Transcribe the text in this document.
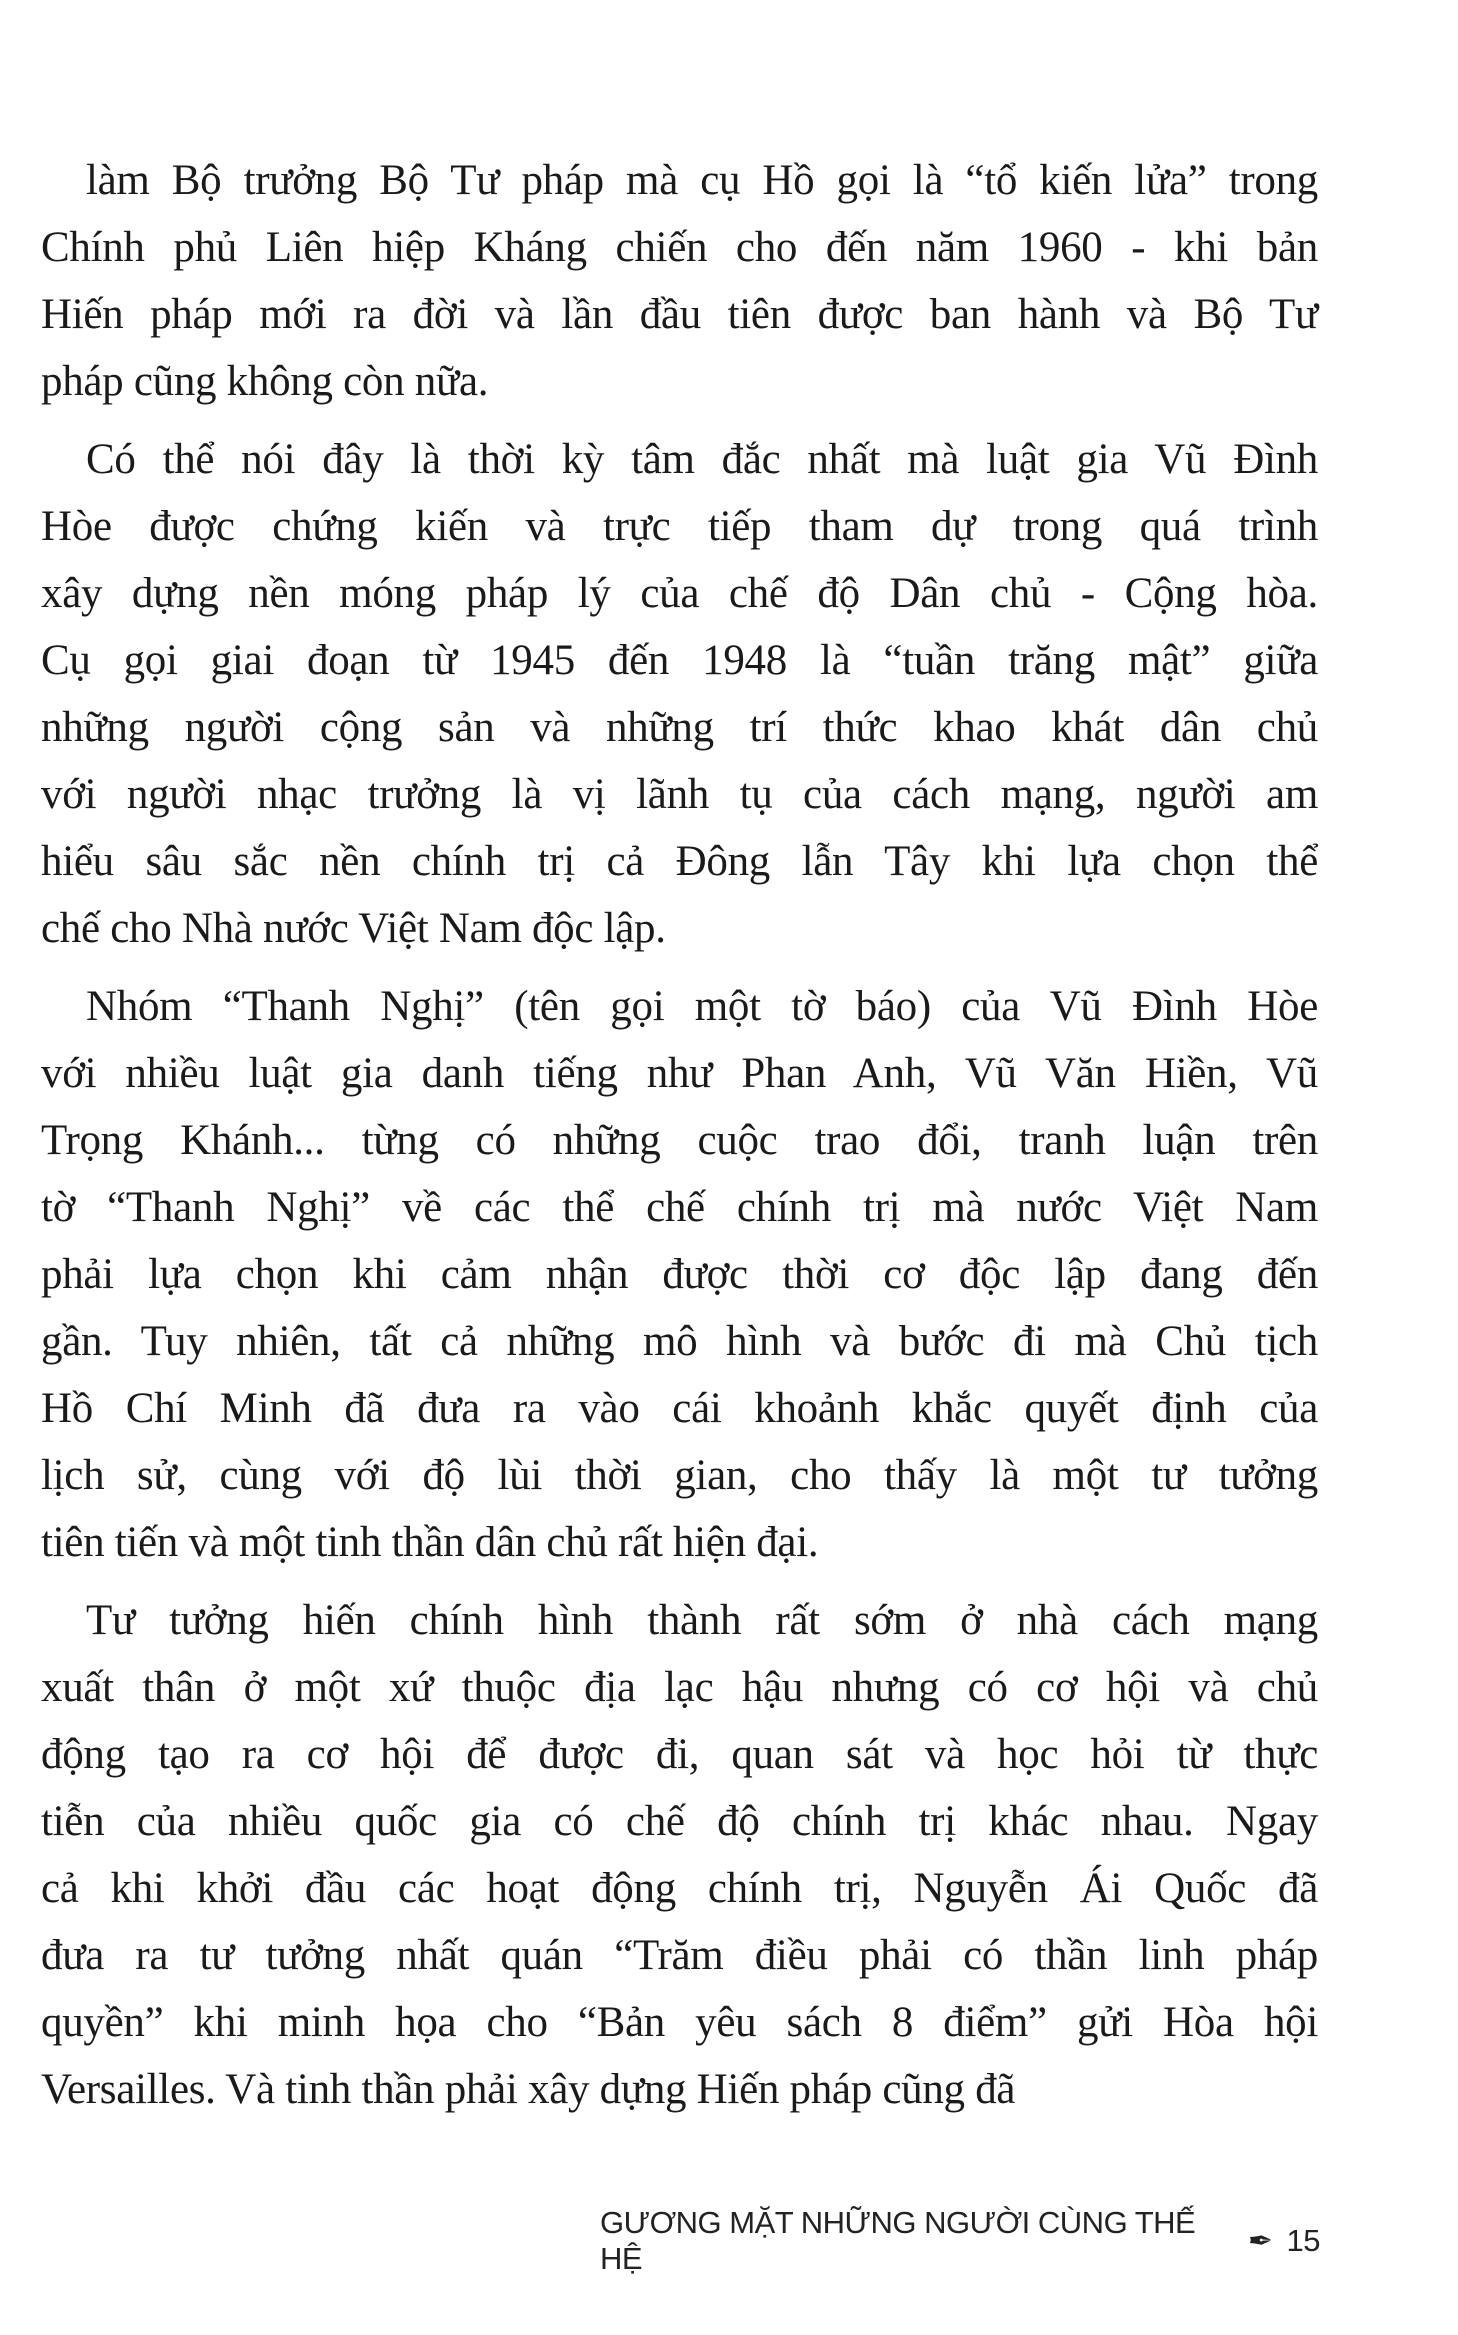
làm Bộ trưởng Bộ Tư pháp mà cụ Hồ gọi là “tổ kiến lửa” trong
Chính phủ Liên hiệp Kháng chiến cho đến năm 1960 - khi bản
Hiến pháp mới ra đời và lần đầu tiên được ban hành và Bộ Tư
pháp cũng không còn nữa.
Có thể nói đây là thời kỳ tâm đắc nhất mà luật gia Vũ Đình
Hòe được chứng kiến và trực tiếp tham dự trong quá trình
xây dựng nền móng pháp lý của chế độ Dân chủ - Cộng hòa.
Cụ gọi giai đoạn từ 1945 đến 1948 là “tuần trăng mật” giữa
những người cộng sản và những trí thức khao khát dân chủ
với người nhạc trưởng là vị lãnh tụ của cách mạng, người am
hiểu sâu sắc nền chính trị cả Đông lẫn Tây khi lựa chọn thể
chế cho Nhà nước Việt Nam độc lập.
Nhóm “Thanh Nghị” (tên gọi một tờ báo) của Vũ Đình Hòe
với nhiều luật gia danh tiếng như Phan Anh, Vũ Văn Hiền, Vũ
Trọng Khánh... từng có những cuộc trao đổi, tranh luận trên
tờ “Thanh Nghị” về các thể chế chính trị mà nước Việt Nam
phải lựa chọn khi cảm nhận được thời cơ độc lập đang đến
gần. Tuy nhiên, tất cả những mô hình và bước đi mà Chủ tịch
Hồ Chí Minh đã đưa ra vào cái khoảnh khắc quyết định của
lịch sử, cùng với độ lùi thời gian, cho thấy là một tư tưởng
tiên tiến và một tinh thần dân chủ rất hiện đại.
Tư tưởng hiến chính hình thành rất sớm ở nhà cách mạng
xuất thân ở một xứ thuộc địa lạc hậu nhưng có cơ hội và chủ
động tạo ra cơ hội để được đi, quan sát và học hỏi từ thực
tiễn của nhiều quốc gia có chế độ chính trị khác nhau. Ngay
cả khi khởi đầu các hoạt động chính trị, Nguyễn Ái Quốc đã
đưa ra tư tưởng nhất quán “Trăm điều phải có thần linh pháp
quyền” khi minh họa cho “Bản yêu sách 8 điểm” gửi Hòa hội
Versailles. Và tinh thần phải xây dựng Hiến pháp cũng đã
GƯƠNG MẶT NHỮNG NGƯỜI CÙNG THẾ HỆ	✒ 15
